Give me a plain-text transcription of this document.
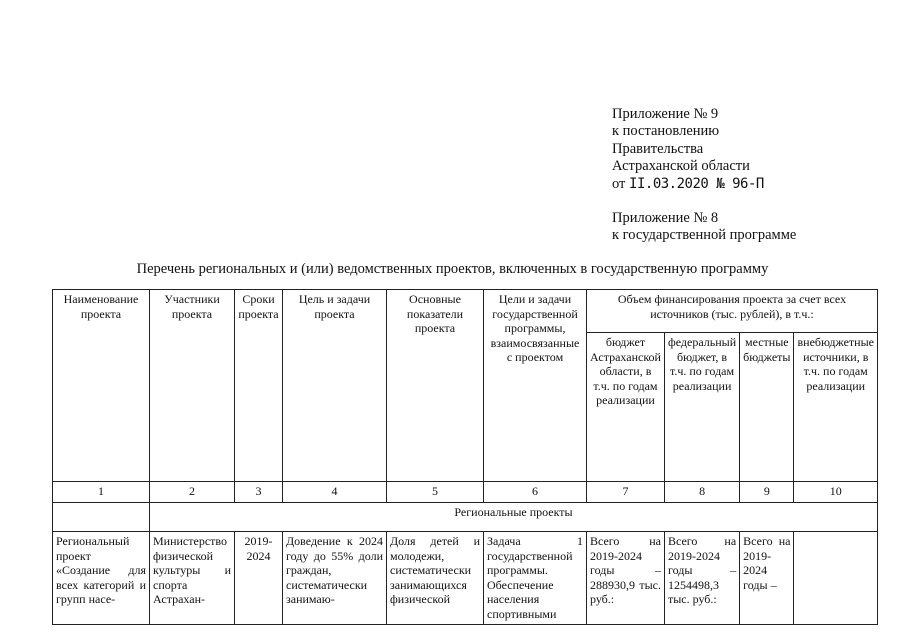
Приложение № 9
к постановлению
Правительства
Астраханской области
от II.03.2020 № 96-П
Приложение № 8
к государственной программе
Перечень региональных и (или) ведомственных проектов, включенных в государственную программу
Наименование проекта	Участники проекта	Сроки проекта	Цель и задачи проекта	Основные показатели проекта	Цели и задачи государственной программы, взаимосвязанные с проектом	Объем финансирования проекта за счет всех источников (тыс. рублей), в т.ч.:			
						бюджет Астраханской области, в т.ч. по годам реализации	федеральный бюджет, в т.ч. по годам реализации	местные бюджеты	внебюджетные источники, в т.ч. по годам реализации
1	2	3	4	5	6	7	8	9	10
	Региональные проекты								
Региональный проект «Создание для всех категорий и групп насе-	Министерство физической культуры и спорта Астрахан-	2019-2024	Доведение к 2024 году до 55% доли граждан, систематически занимаю-	Доля детей и молодежи, систематически занимающихся физической	Задача 1 государственной программы. Обеспечение населения спортивными	Всего на 2019-2024 годы – 288930,9 тыс. руб.:	Всего на 2019-2024 годы – 1254498,3 тыс. руб.:	Всего на 2019-2024 годы –	
